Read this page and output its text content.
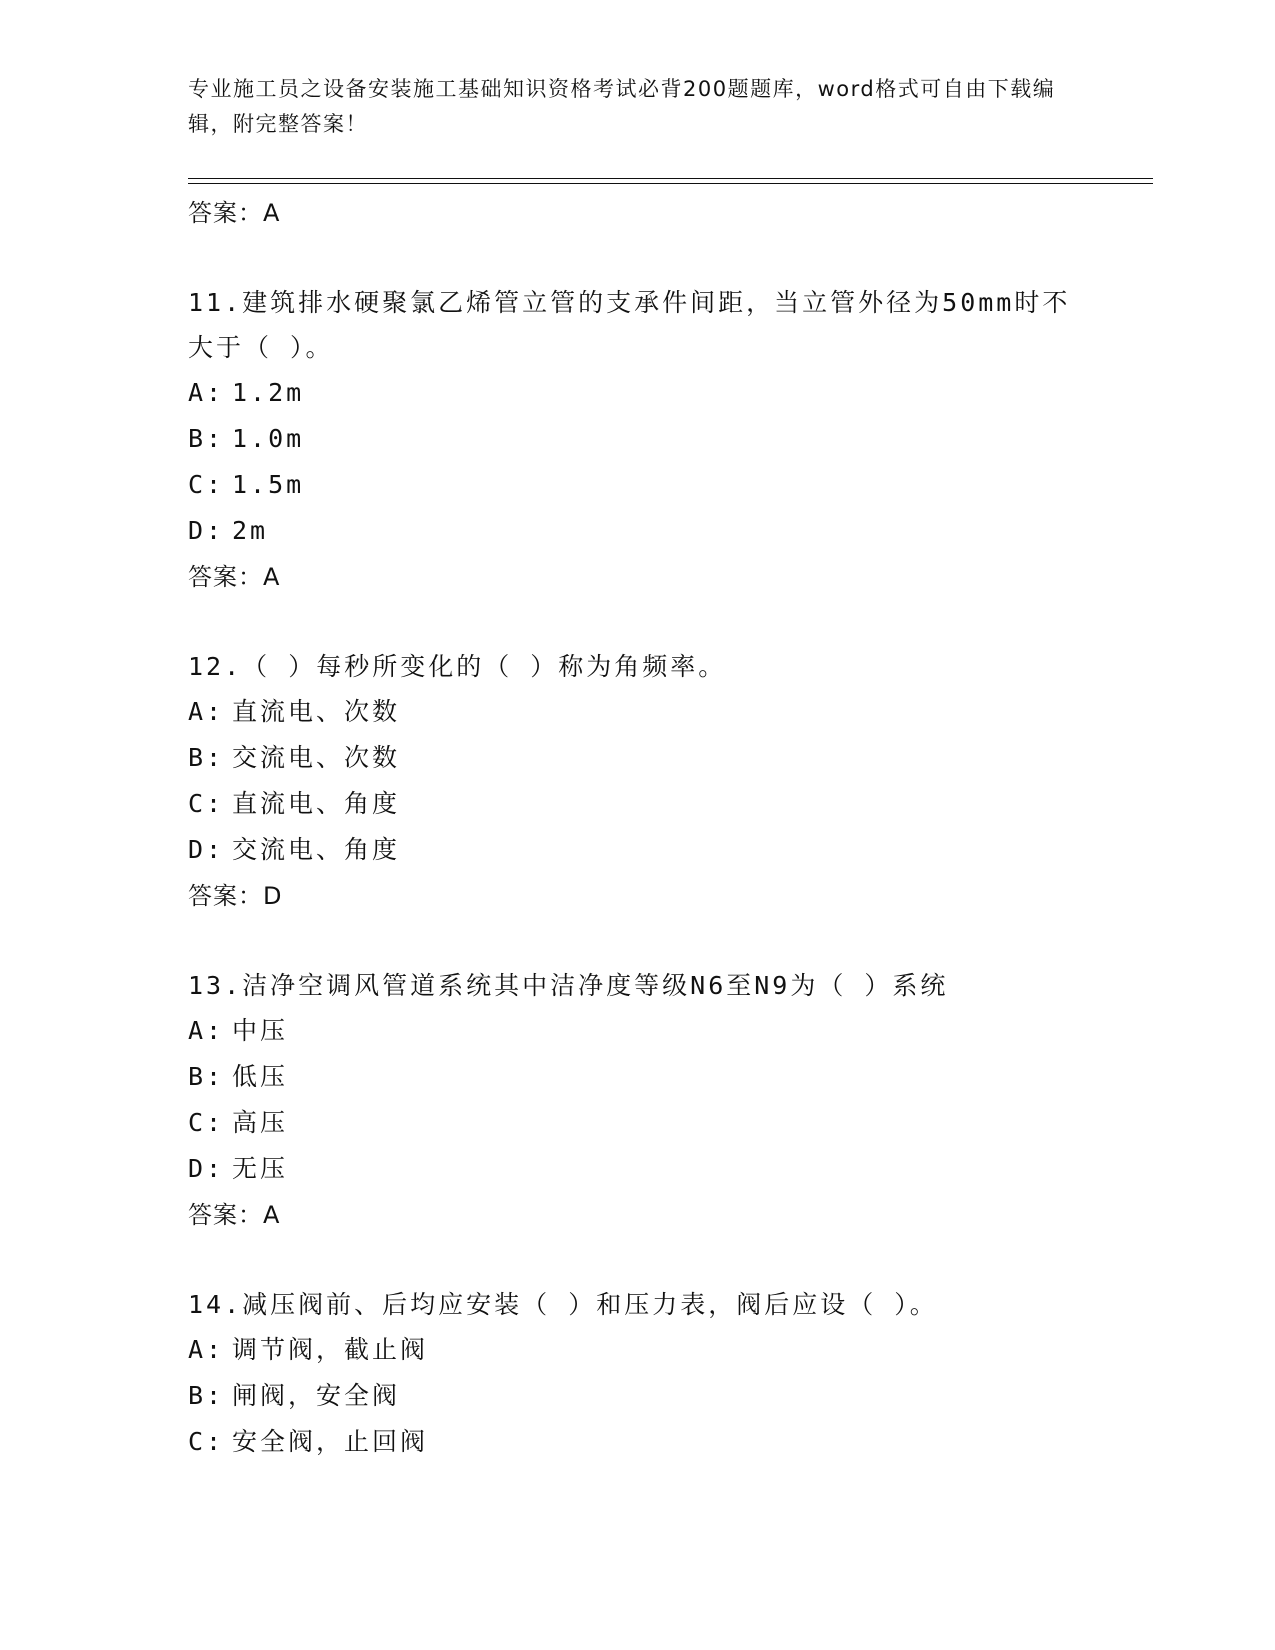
专业施工员之设备安装施工基础知识资格考试必背200题题库，word格式可自由下载编辑，附完整答案！
答案：A
11.建筑排水硬聚氯乙烯管立管的支承件间距，当立管外径为50mm时不大于（ ）。
A: 1.2m
B: 1.0m
C: 1.5m
D: 2m
答案：A
12.（ ）每秒所变化的（ ）称为角频率。
A: 直流电、次数
B: 交流电、次数
C: 直流电、角度
D: 交流电、角度
答案：D
13.洁净空调风管道系统其中洁净度等级N6至N9为（ ）系统
A: 中压
B: 低压
C: 高压
D: 无压
答案：A
14.减压阀前、后均应安装（ ）和压力表，阀后应设（ ）。
A: 调节阀，截止阀
B: 闸阀，安全阀
C: 安全阀，止回阀
